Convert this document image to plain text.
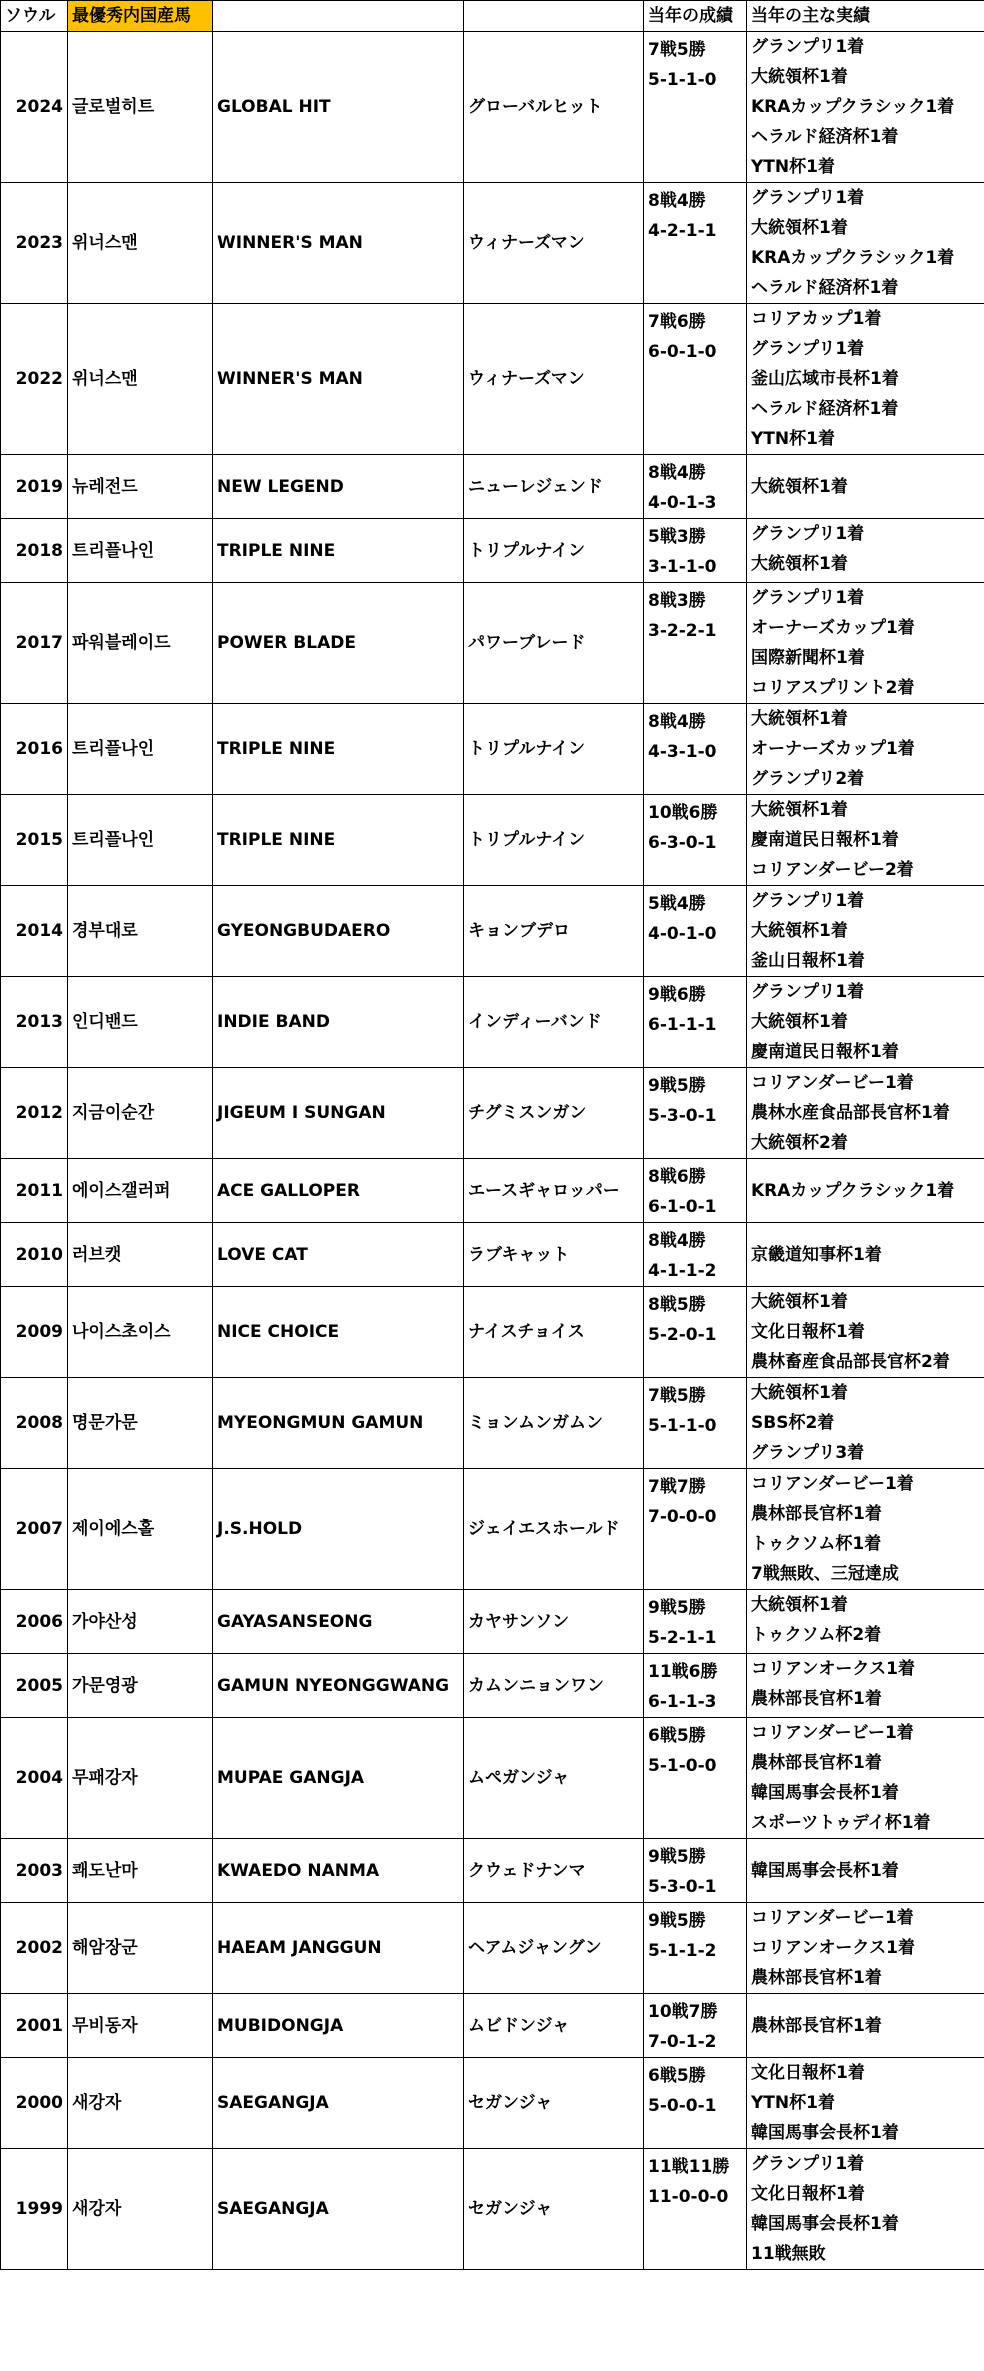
ソウル	最優秀内国産馬			当年の成績	当年の主な実績
2024	글로벌히트	GLOBAL HIT	グローバルヒット	7戦5勝
5-1-1-0	グランプリ1着
大統領杯1着
KRAカップクラシック1着
ヘラルド経済杯1着
YTN杯1着

2023	위너스맨	WINNER'S MAN	ウィナーズマン	8戦4勝
4-2-1-1	グランプリ1着
大統領杯1着
KRAカップクラシック1着
ヘラルド経済杯1着

2022	위너스맨	WINNER'S MAN	ウィナーズマン	7戦6勝
6-0-1-0	コリアカップ1着
グランプリ1着
釜山広域市長杯1着
ヘラルド経済杯1着
YTN杯1着

2019	뉴레전드	NEW LEGEND	ニューレジェンド	8戦4勝
4-0-1-3	大統領杯1着

2018	트리플나인	TRIPLE NINE	トリプルナイン	5戦3勝
3-1-1-0	グランプリ1着
大統領杯1着

2017	파워블레이드	POWER BLADE	パワーブレード	8戦3勝
3-2-2-1	グランプリ1着
オーナーズカップ1着
国際新聞杯1着
コリアスプリント2着

2016	트리플나인	TRIPLE NINE	トリプルナイン	8戦4勝
4-3-1-0	大統領杯1着
オーナーズカップ1着
グランプリ2着

2015	트리플나인	TRIPLE NINE	トリプルナイン	10戦6勝
6-3-0-1	大統領杯1着
慶南道民日報杯1着
コリアンダービー2着

2014	경부대로	GYEONGBUDAERO	キョンブデロ	5戦4勝
4-0-1-0	グランプリ1着
大統領杯1着
釜山日報杯1着

2013	인디밴드	INDIE BAND	インディーバンド	9戦6勝
6-1-1-1	グランプリ1着
大統領杯1着
慶南道民日報杯1着

2012	지금이순간	JIGEUM I SUNGAN	チグミスンガン	9戦5勝
5-3-0-1	コリアンダービー1着
農林水産食品部長官杯1着
大統領杯2着

2011	에이스갤러퍼	ACE GALLOPER	エースギャロッパー	8戦6勝
6-1-0-1	KRAカップクラシック1着

2010	러브캣	LOVE CAT	ラブキャット	8戦4勝
4-1-1-2	京畿道知事杯1着

2009	나이스초이스	NICE CHOICE	ナイスチョイス	8戦5勝
5-2-0-1	大統領杯1着
文化日報杯1着
農林畜産食品部長官杯2着

2008	명문가문	MYEONGMUN GAMUN	ミョンムンガムン	7戦5勝
5-1-1-0	大統領杯1着
SBS杯2着
グランプリ3着

2007	제이에스홀	J.S.HOLD	ジェイエスホールド	7戦7勝
7-0-0-0	コリアンダービー1着
農林部長官杯1着
トゥクソム杯1着
7戦無敗、三冠達成

2006	가야산성	GAYASANSEONG	カヤサンソン	9戦5勝
5-2-1-1	大統領杯1着
トゥクソム杯2着

2005	가문영광	GAMUN NYEONGGWANG	カムンニョンワン	11戦6勝
6-1-1-3	コリアンオークス1着
農林部長官杯1着

2004	무패강자	MUPAE GANGJA	ムペガンジャ	6戦5勝
5-1-0-0	コリアンダービー1着
農林部長官杯1着
韓国馬事会長杯1着
スポーツトゥデイ杯1着

2003	쾌도난마	KWAEDO NANMA	クウェドナンマ	9戦5勝
5-3-0-1	韓国馬事会長杯1着

2002	해암장군	HAEAM JANGGUN	ヘアムジャングン	9戦5勝
5-1-1-2	コリアンダービー1着
コリアンオークス1着
農林部長官杯1着

2001	무비동자	MUBIDONGJA	ムビドンジャ	10戦7勝
7-0-1-2	農林部長官杯1着

2000	새강자	SAEGANGJA	セガンジャ	6戦5勝
5-0-0-1	文化日報杯1着
YTN杯1着
韓国馬事会長杯1着

1999	새강자	SAEGANGJA	セガンジャ	11戦11勝
11-0-0-0	グランプリ1着
文化日報杯1着
韓国馬事会長杯1着
11戦無敗
